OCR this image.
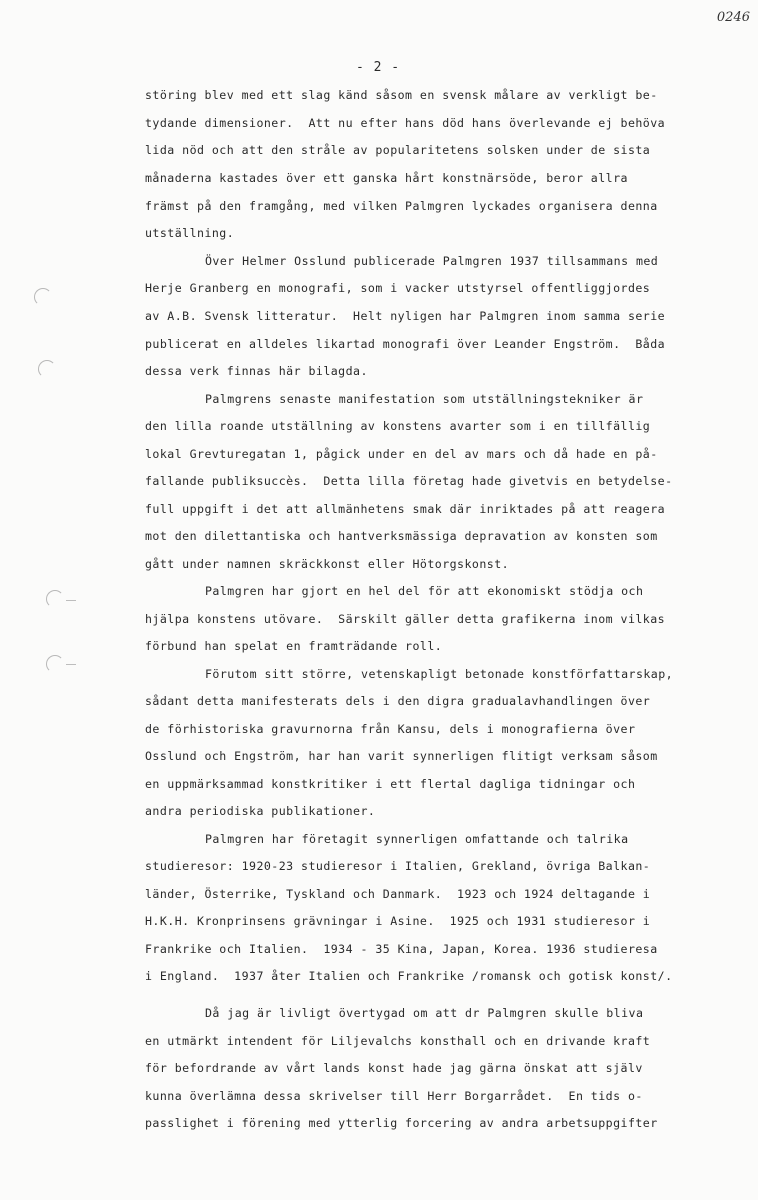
0246
- 2 -
störing blev med ett slag känd såsom en svensk målare av verkligt be-
tydande dimensioner.  Att nu efter hans död hans överlevande ej behöva
lida nöd och att den stråle av popularitetens solsken under de sista
månaderna kastades över ett ganska hårt konstnärsöde, beror allra
främst på den framgång, med vilken Palmgren lyckades organisera denna
utställning.
Över Helmer Osslund publicerade Palmgren 1937 tillsammans med
Herje Granberg en monografi, som i vacker utstyrsel offentliggjordes
av A.B. Svensk litteratur.  Helt nyligen har Palmgren inom samma serie
publicerat en alldeles likartad monografi över Leander Engström.  Båda
dessa verk finnas här bilagda.
Palmgrens senaste manifestation som utställningstekniker är
den lilla roande utställning av konstens avarter som i en tillfällig
lokal Grevturegatan 1, pågick under en del av mars och då hade en på-
fallande publiksuccès.  Detta lilla företag hade givetvis en betydelse-
full uppgift i det att allmänhetens smak där inriktades på att reagera
mot den dilettantiska och hantverksmässiga depravation av konsten som
gått under namnen skräckkonst eller Hötorgskonst.
Palmgren har gjort en hel del för att ekonomiskt stödja och
hjälpa konstens utövare.  Särskilt gäller detta grafikerna inom vilkas
förbund han spelat en framträdande roll.
Förutom sitt större, vetenskapligt betonade konstförfattarskap,
sådant detta manifesterats dels i den digra gradualavhandlingen över
de förhistoriska gravurnorna från Kansu, dels i monografierna över
Osslund och Engström, har han varit synnerligen flitigt verksam såsom
en uppmärksammad konstkritiker i ett flertal dagliga tidningar och
andra periodiska publikationer.
Palmgren har företagit synnerligen omfattande och talrika
studieresor: 1920-23 studieresor i Italien, Grekland, övriga Balkan-
länder, Österrike, Tyskland och Danmark.  1923 och 1924 deltagande i
H.K.H. Kronprinsens grävningar i Asine.  1925 och 1931 studieresor i
Frankrike och Italien.  1934 - 35 Kina, Japan, Korea. 1936 studieresa
i England.  1937 åter Italien och Frankrike /romansk och gotisk konst/.
Då jag är livligt övertygad om att dr Palmgren skulle bliva
en utmärkt intendent för Liljevalchs konsthall och en drivande kraft
för befordrande av vårt lands konst hade jag gärna önskat att själv
kunna överlämna dessa skrivelser till Herr Borgarrådet.  En tids o-
passlighet i förening med ytterlig forcering av andra arbetsuppgifter
